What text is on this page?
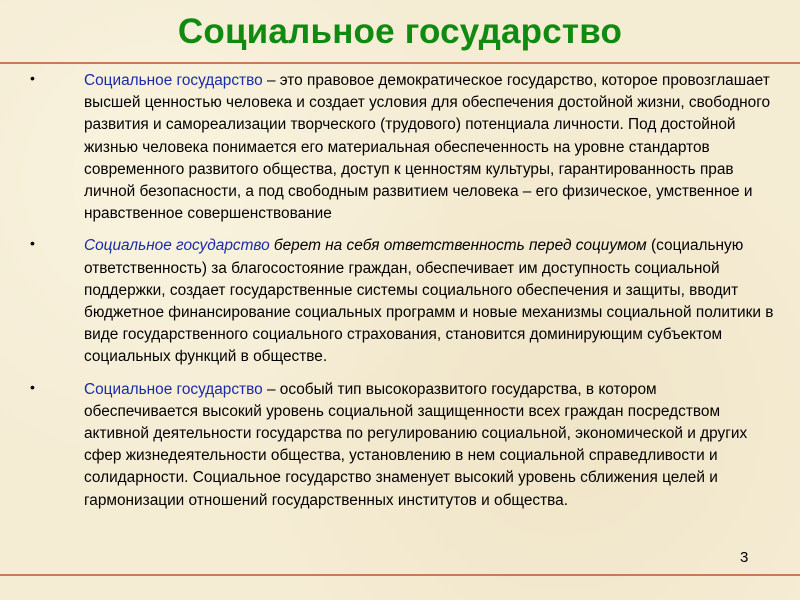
Социальное государство
•	Социальное государство – это правовое демократическое государство, которое провозглашает высшей ценностью человека и создает условия для обеспечения достойной жизни, свободного развития и самореализации творческого (трудового) потенциала личности. Под достойной жизнью человека понимается его материальная обеспеченность на уровне стандартов современного развитого общества, доступ к ценностям культуры, гарантированность прав личной безопасности, а под свободным развитием человека – его физическое, умственное и нравственное совершенствование
•	Социальное государство берет на себя ответственность перед социумом (социальную ответственность) за благосостояние граждан, обеспечивает им доступность социальной поддержки, создает государственные системы социального обеспечения и защиты, вводит бюджетное финансирование социальных программ и новые механизмы социальной политики в виде государственного социального страхования, становится доминирующим субъектом социальных функций в обществе.
•	Социальное государство – особый тип высокоразвитого государства, в котором обеспечивается высокий уровень социальной защищенности всех граждан посредством активной деятельности государства по регулированию социальной, экономической и других сфер жизнедеятельности общества, установлению в нем социальной справедливости и солидарности. Социальное государство знаменует высокий уровень сближения целей и гармонизации отношений государственных институтов и общества.
3
